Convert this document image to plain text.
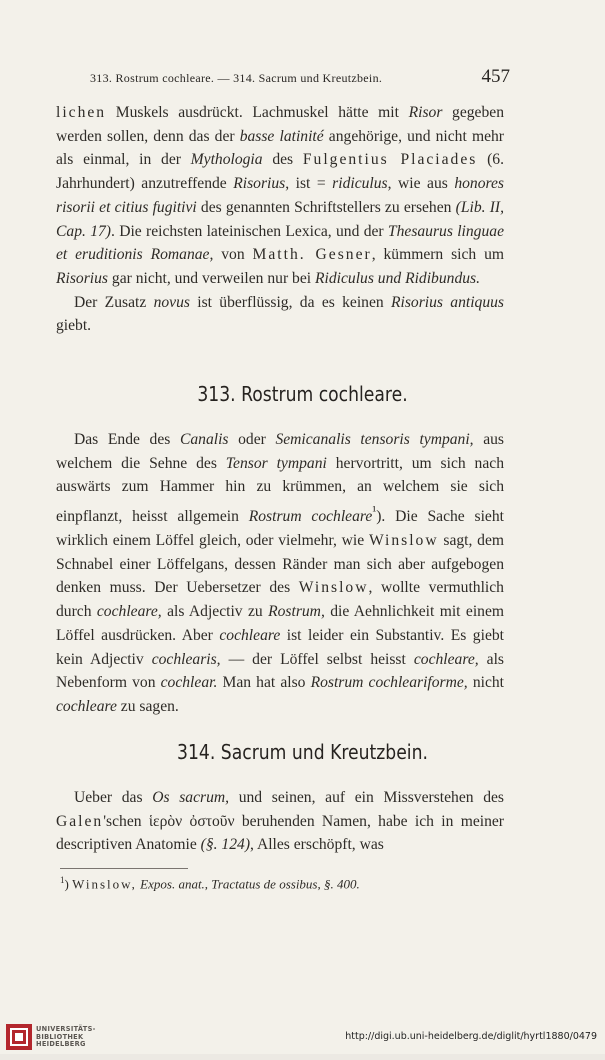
313. Rostrum cochleare. — 314. Sacrum und Kreutzbein.	457

lichen Muskels ausdrückt. Lachmuskel hätte mit Risor gegeben werden sollen, denn das der basse latinité angehörige, und nicht mehr als einmal, in der Mythologia des Fulgentius Placiades (6. Jahrhundert) anzutreffende Risorius, ist = ridiculus, wie aus honores risorii et citius fugitivi des genannten Schriftstellers zu ersehen (Lib. II, Cap. 17). Die reichsten lateinischen Lexica, und der Thesaurus linguae et eruditionis Romanae, von Matth. Gesner, kümmern sich um Risorius gar nicht, und verweilen nur bei Ridiculus und Ridibundus.

Der Zusatz novus ist überflüssig, da es keinen Risorius antiquus giebt.

313. Rostrum cochleare.

Das Ende des Canalis oder Semicanalis tensoris tympani, aus welchem die Sehne des Tensor tympani hervortritt, um sich nach auswärts zum Hammer hin zu krümmen, an welchem sie sich einpflanzt, heisst allgemein Rostrum cochleare$^{^1}$). Die Sache sieht wirklich einem Löffel gleich, oder vielmehr, wie Winslow sagt, dem Schnabel einer Löffelgans, dessen Ränder man sich aber aufgebogen denken muss. Der Uebersetzer des Winslow, wollte vermuthlich durch cochleare, als Adjectiv zu Rostrum, die Aehnlichkeit mit einem Löffel ausdrücken. Aber cochleare ist leider ein Substantiv. Es giebt kein Adjectiv cochlearis, — der Löffel selbst heisst cochleare, als Nebenform von cochlear. Man hat also Rostrum cochleariforme, nicht cochleare zu sagen.

314. Sacrum und Kreutzbein.

Ueber das Os sacrum, und seinen, auf ein Missverstehen des Galen'schen ἱερὸν ὀστοῦν beruhenden Namen, habe ich in meiner descriptiven Anatomie (§. 124), Alles erschöpft, was

$^1$) Winslow, Expos. anat., Tractatus de ossibus, §. 400.
UNIVERSITÄTS-
BIBLIOTHEK
HEIDELBERG
http://digi.ub.uni-heidelberg.de/diglit/hyrtl1880/0479
